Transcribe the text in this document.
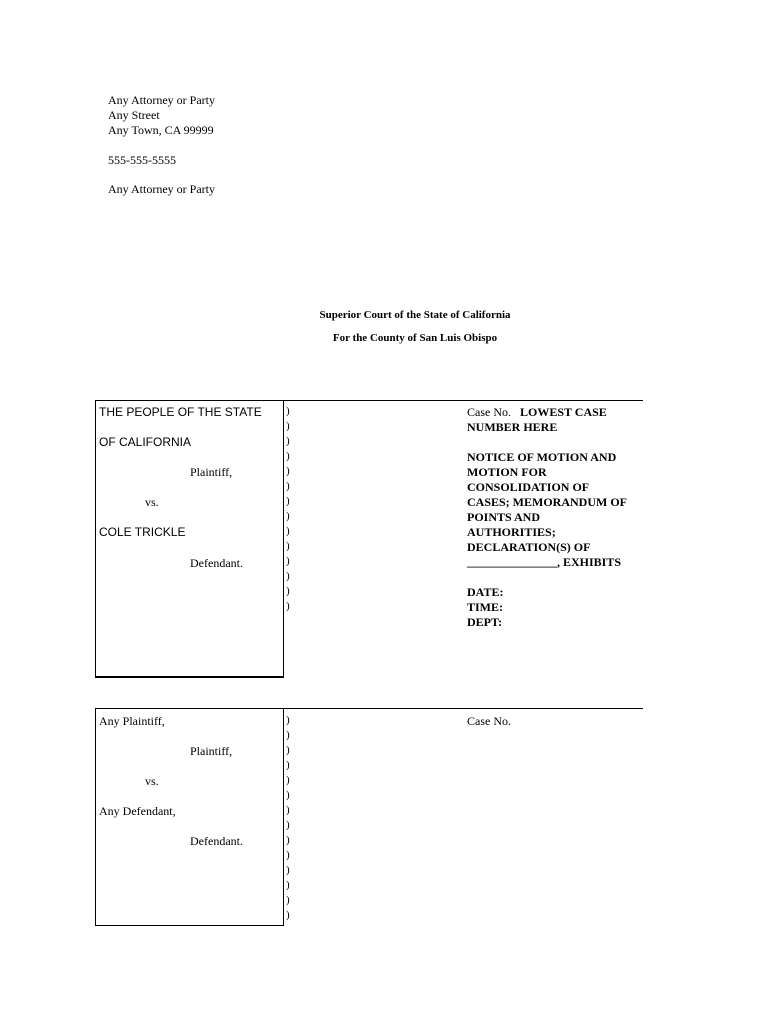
Any Attorney or Party
Any Street
Any Town, CA 99999
555-555-5555
Any Attorney or Party
Superior Court of the State of California
For the County of San Luis Obispo
THE PEOPLE OF THE STATE
OF CALIFORNIA
Plaintiff,
vs.
COLE TRICKLE
Defendant.
)
)
)
)
)
)
)
)
)
)
)
)
)
)
Case No. LOWEST CASE
NUMBER HERE

NOTICE OF MOTION AND
MOTION FOR
CONSOLIDATION OF
CASES; MEMORANDUM OF
POINTS AND
AUTHORITIES;
DECLARATION(S) OF
_______________, EXHIBITS

DATE:
TIME:
DEPT:
Any Plaintiff,
Plaintiff,
vs.
Any Defendant,
Defendant.
)
)
)
)
)
)
)
)
)
)
)
)
)
)
Case No.
